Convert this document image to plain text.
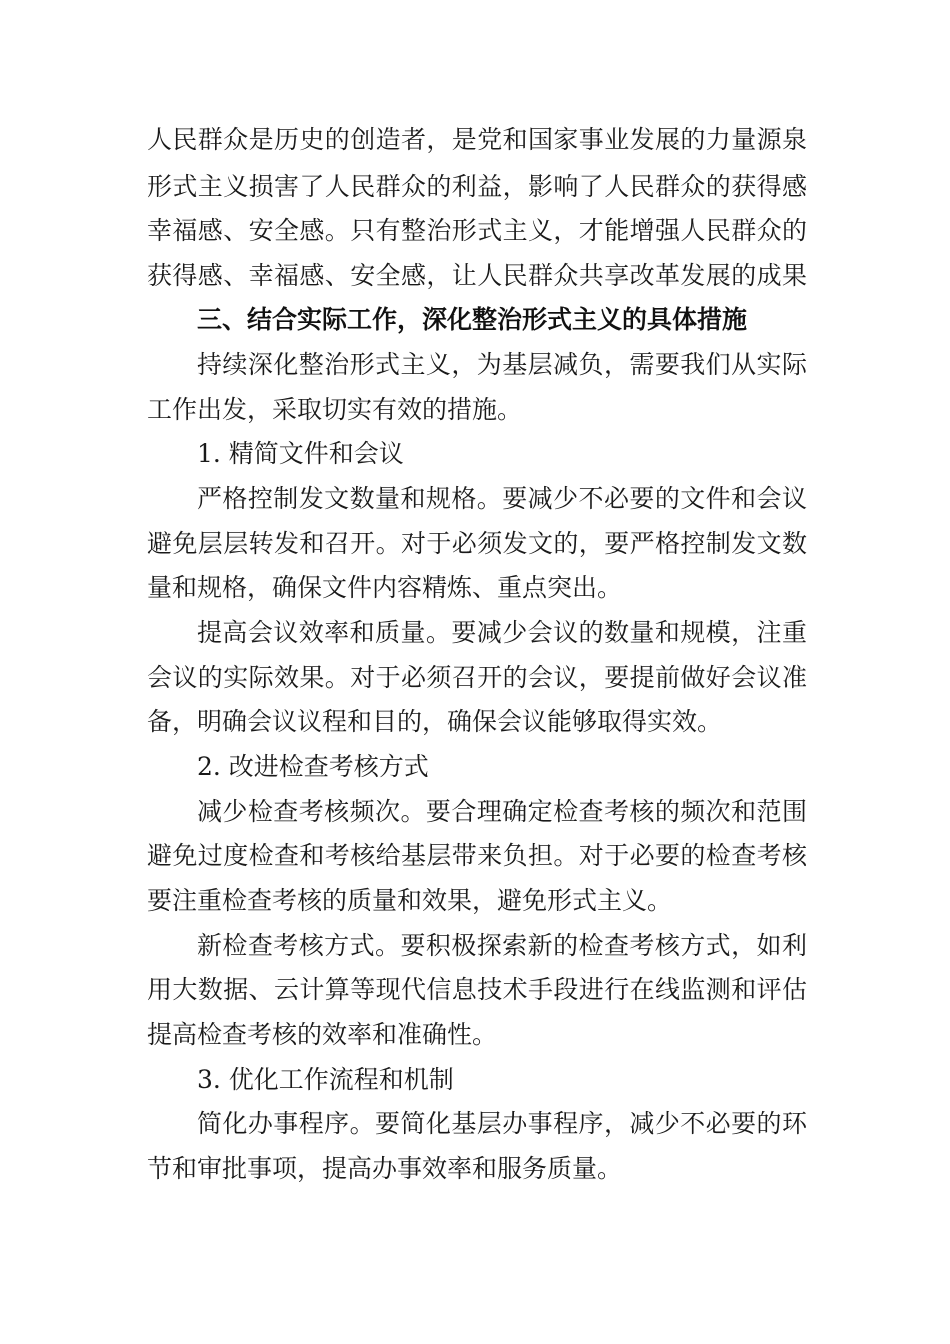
人民群众是历史的创造者，是党和国家事业发展的力量源泉
形式主义损害了人民群众的利益，影响了人民群众的获得感
幸福感、安全感。只有整治形式主义，才能增强人民群众的
获得感、幸福感、安全感，让人民群众共享改革发展的成果
三、结合实际工作，深化整治形式主义的具体措施
持续深化整治形式主义，为基层减负，需要我们从实际
工作出发，采取切实有效的措施。
1. 精简文件和会议
严格控制发文数量和规格。要减少不必要的文件和会议
避免层层转发和召开。对于必须发文的，要严格控制发文数
量和规格，确保文件内容精炼、重点突出。
提高会议效率和质量。要减少会议的数量和规模，注重
会议的实际效果。对于必须召开的会议，要提前做好会议准
备，明确会议议程和目的，确保会议能够取得实效。
2. 改进检查考核方式
减少检查考核频次。要合理确定检查考核的频次和范围
避免过度检查和考核给基层带来负担。对于必要的检查考核
要注重检查考核的质量和效果，避免形式主义。
新检查考核方式。要积极探索新的检查考核方式，如利
用大数据、云计算等现代信息技术手段进行在线监测和评估
提高检查考核的效率和准确性。
3. 优化工作流程和机制
简化办事程序。要简化基层办事程序，减少不必要的环
节和审批事项，提高办事效率和服务质量。
